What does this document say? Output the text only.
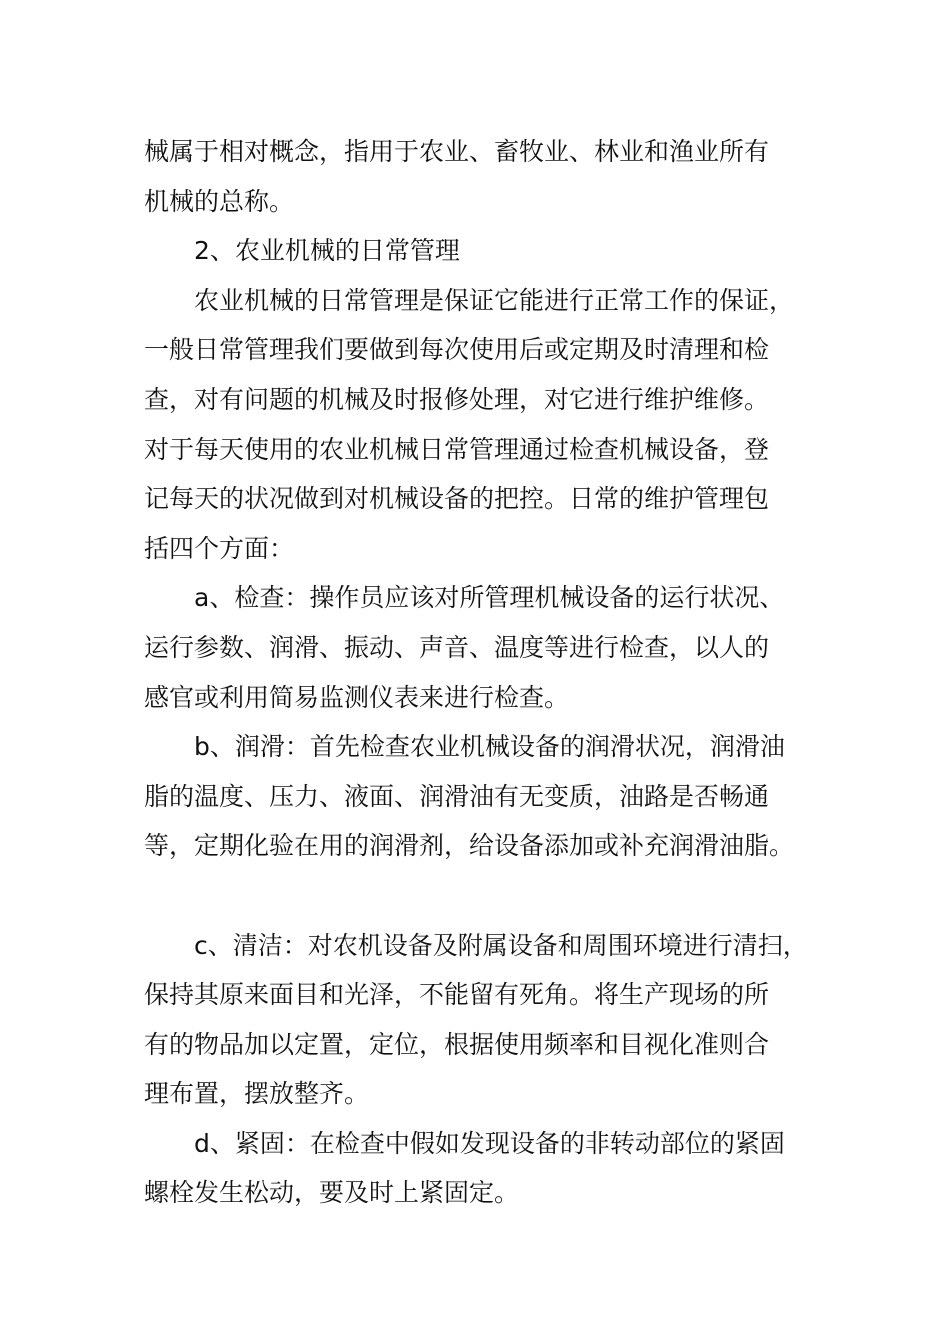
械属于相对概念，指用于农业、畜牧业、林业和渔业所有
机械的总称。

2、农业机械的日常管理

农业机械的日常管理是保证它能进行正常工作的保证，
一般日常管理我们要做到每次使用后或定期及时清理和检
查，对有问题的机械及时报修处理，对它进行维护维修。
对于每天使用的农业机械日常管理通过检查机械设备，登
记每天的状况做到对机械设备的把控。日常的维护管理包
括四个方面：

a、检查：操作员应该对所管理机械设备的运行状况、
运行参数、润滑、振动、声音、温度等进行检查，以人的
感官或利用简易监测仪表来进行检查。

b、润滑：首先检查农业机械设备的润滑状况，润滑油
脂的温度、压力、液面、润滑油有无变质，油路是否畅通
等，定期化验在用的润滑剂，给设备添加或补充润滑油脂。

c、清洁：对农机设备及附属设备和周围环境进行清扫，
保持其原来面目和光泽，不能留有死角。将生产现场的所
有的物品加以定置，定位，根据使用频率和目视化准则合
理布置，摆放整齐。

d、紧固：在检查中假如发现设备的非转动部位的紧固
螺栓发生松动，要及时上紧固定。
